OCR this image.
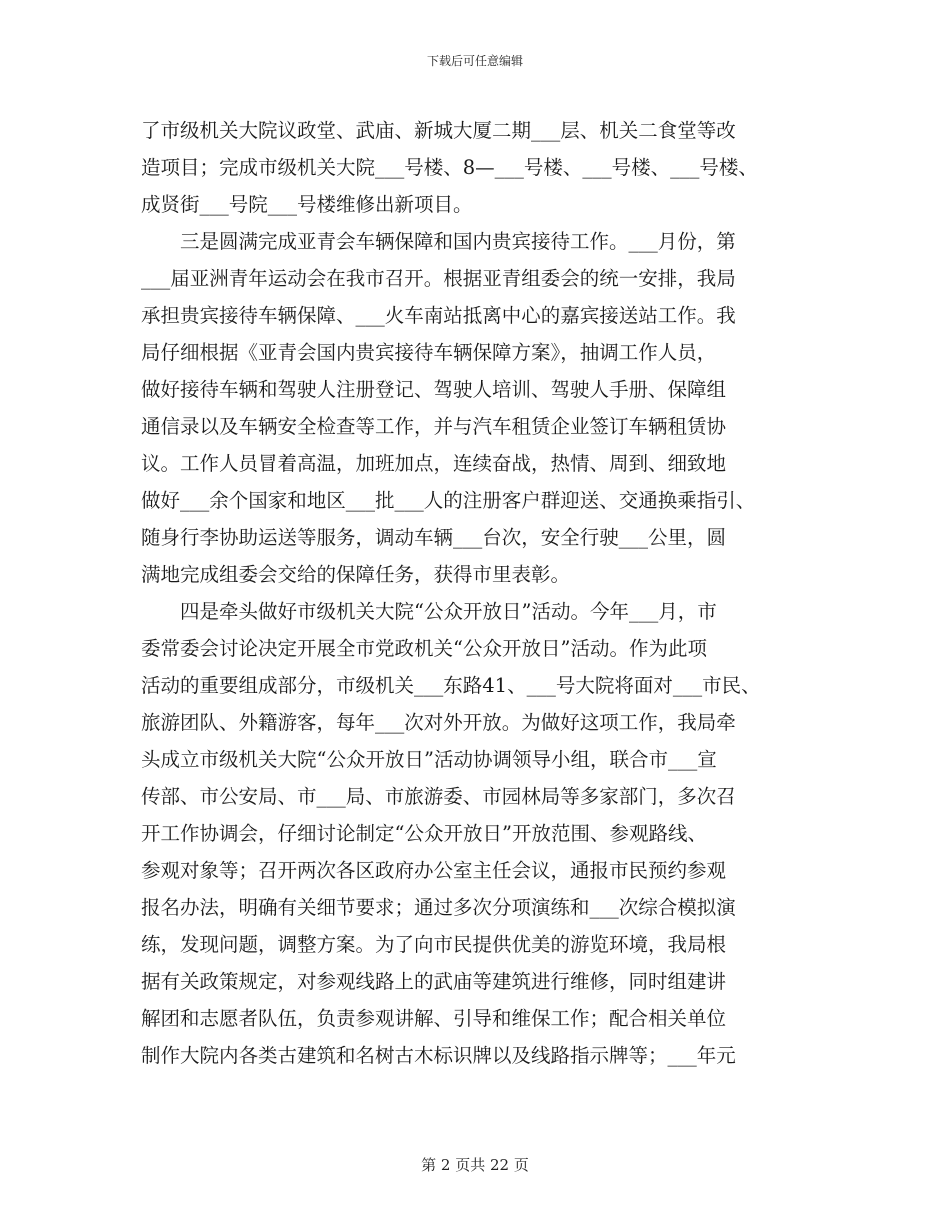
下载后可任意编辑
了市级机关大院议政堂、武庙、新城大厦二期___层、机关二食堂等改
造项目；完成市级机关大院___号楼、8—___号楼、___号楼、___号楼、
成贤街___号院___号楼维修出新项目。
　　三是圆满完成亚青会车辆保障和国内贵宾接待工作。___月份，第
___届亚洲青年运动会在我市召开。根据亚青组委会的统一安排，我局
承担贵宾接待车辆保障、___火车南站抵离中心的嘉宾接送站工作。我
局仔细根据《亚青会国内贵宾接待车辆保障方案》，抽调工作人员，
做好接待车辆和驾驶人注册登记、驾驶人培训、驾驶人手册、保障组
通信录以及车辆安全检查等工作，并与汽车租赁企业签订车辆租赁协
议。工作人员冒着高温，加班加点，连续奋战，热情、周到、细致地
做好___余个国家和地区___批___人的注册客户群迎送、交通换乘指引、
随身行李协助运送等服务，调动车辆___台次，安全行驶___公里，圆
满地完成组委会交给的保障任务，获得市里表彰。
　　四是牵头做好市级机关大院“公众开放日”活动。今年___月，市
委常委会讨论决定开展全市党政机关“公众开放日”活动。作为此项
活动的重要组成部分，市级机关___东路41、___号大院将面对___市民、
旅游团队、外籍游客，每年___次对外开放。为做好这项工作，我局牵
头成立市级机关大院“公众开放日”活动协调领导小组，联合市___宣
传部、市公安局、市___局、市旅游委、市园林局等多家部门，多次召
开工作协调会，仔细讨论制定“公众开放日”开放范围、参观路线、
参观对象等；召开两次各区政府办公室主任会议，通报市民预约参观
报名办法，明确有关细节要求；通过多次分项演练和___次综合模拟演
练，发现问题，调整方案。为了向市民提供优美的游览环境，我局根
据有关政策规定，对参观线路上的武庙等建筑进行维修，同时组建讲
解团和志愿者队伍，负责参观讲解、引导和维保工作；配合相关单位
制作大院内各类古建筑和名树古木标识牌以及线路指示牌等；___年元
第 2 页共 22 页
